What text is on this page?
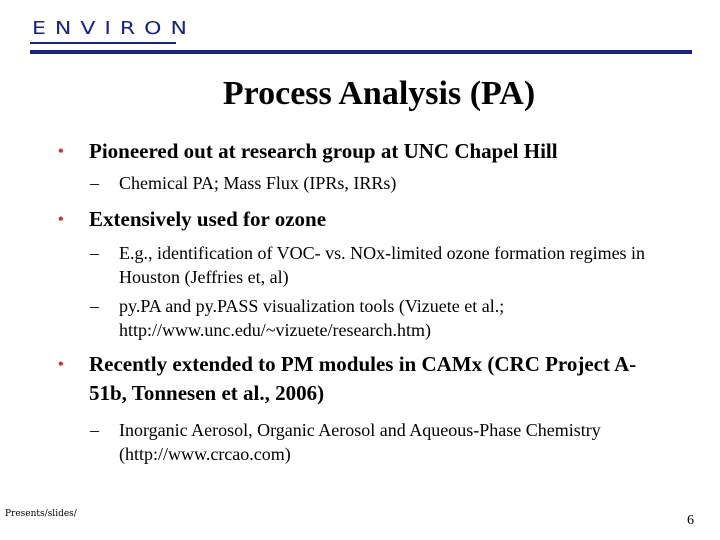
ENVIRON
Process Analysis (PA)
• Pioneered out at research group at UNC Chapel Hill
– Chemical PA; Mass Flux (IPRs, IRRs)
• Extensively used for ozone
– E.g., identification of VOC- vs. NOx-limited ozone formation regimes in Houston (Jeffries et, al)
– py.PA and py.PASS visualization tools (Vizuete et al.; http://www.unc.edu/~vizuete/research.htm)
• Recently extended to PM modules in CAMx (CRC Project A-51b, Tonnesen et al., 2006)
– Inorganic Aerosol, Organic Aerosol and Aqueous-Phase Chemistry (http://www.crcao.com)
Presents/slides/	6
